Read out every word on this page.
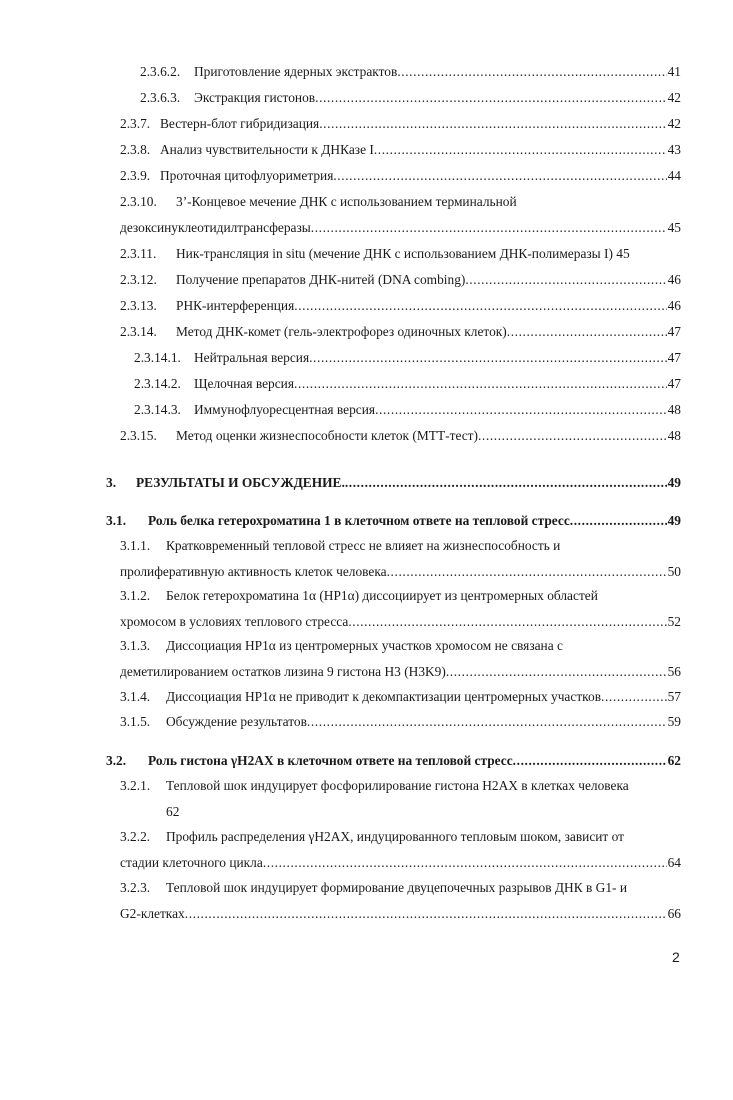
2.3.6.2.	Приготовление ядерных экстрактов .....	41
2.3.6.3.	Экстракция гистонов .....	42
2.3.7. Вестерн-блот гибридизация .....	42
2.3.8. Анализ чувствительности к ДНКазе I .....	43
2.3.9. Проточная цитофлуориметрия .....	44
2.3.10.	3’-Концевое мечение ДНК с использованием терминальной
дезоксинуклеотидилтрансферазы .....	45
2.3.11.	Ник-трансляция in situ (мечение ДНК с использованием ДНК-полимеразы I) 45
2.3.12.	Получение препаратов ДНК-нитей (DNA combing) .....	46
2.3.13.	РНК-интерференция .....	46
2.3.14.	Метод ДНК-комет (гель-электрофорез одиночных клеток) .....	47
2.3.14.1. Нейтральная версия .....	47
2.3.14.2. Щелочная версия .....	47
2.3.14.3. Иммунофлуоресцентная версия .....	48
2.3.15.	Метод оценки жизнеспособности клеток (МТТ-тест) .....	48
3.	РЕЗУЛЬТАТЫ И ОБСУЖДЕНИЕ. .....	49
3.1.	Роль белка гетерохроматина 1 в клеточном ответе на тепловой стресс .....	49
3.1.1.	Кратковременный тепловой стресс не влияет на жизнеспособность и
пролиферативную активность клеток человека .....	50
3.1.2.	Белок гетерохроматина 1α (HP1α) диссоциирует из центромерных областей
хромосом в условиях теплового стресса .....	52
3.1.3.	Диссоциация HP1α из центромерных участков хромосом не связана с
деметилированием остатков лизина 9 гистона H3 (H3K9) .....	56
3.1.4.	Диссоциация HP1α не приводит к декомпактизации центромерных участков .....	57
3.1.5.	Обсуждение результатов .....	59
3.2.	Роль гистона γH2AX в клеточном ответе на тепловой стресс .....	62
3.2.1.	Тепловой шок индуцирует фосфорилирование гистона H2AX в клетках человека
62
3.2.2.	Профиль распределения γH2AX, индуцированного тепловым шоком, зависит от
стадии клеточного цикла .....	64
3.2.3.	Тепловой шок индуцирует формирование двуцепочечных разрывов ДНК в G1- и
G2-клетках .....	66
2
